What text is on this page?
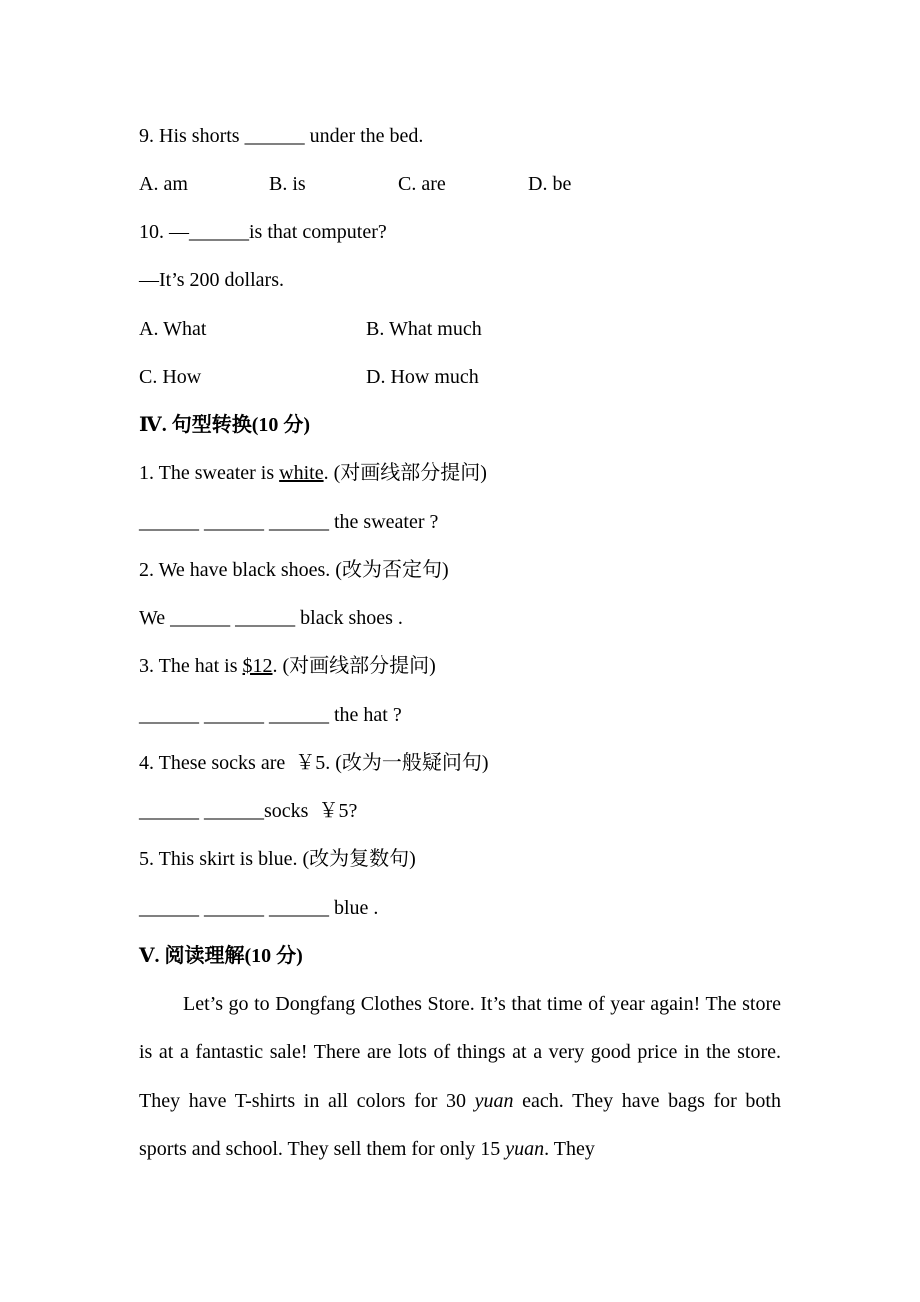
9. His shorts ______ under the bed.
A. am	B. is	C. are	D. be
10. —______is that computer?
—It’s 200 dollars.
A. What	B. What much
C. How	D. How much
Ⅳ. 句型转换(10 分)
1. The sweater is white. (对画线部分提问)
______ ______ ______ the sweater ?
2. We have black shoes. (改为否定句)
We ______ ______ black shoes .
3. The hat is $12. (对画线部分提问)
______ ______ ______ the hat ?
4. These socks are  ￥5. (改为一般疑问句)
______ ______socks  ￥5?
5. This skirt is blue. (改为复数句)
______ ______ ______ blue .
Ⅴ. 阅读理解(10 分)
Let’s go to Dongfang Clothes Store. It’s that time of year again! The store is at a fantastic sale! There are lots of things at a very good price in the store. They have T-shirts in all colors for 30 yuan each. They have bags for both sports and school. They sell them for only 15 yuan. They
